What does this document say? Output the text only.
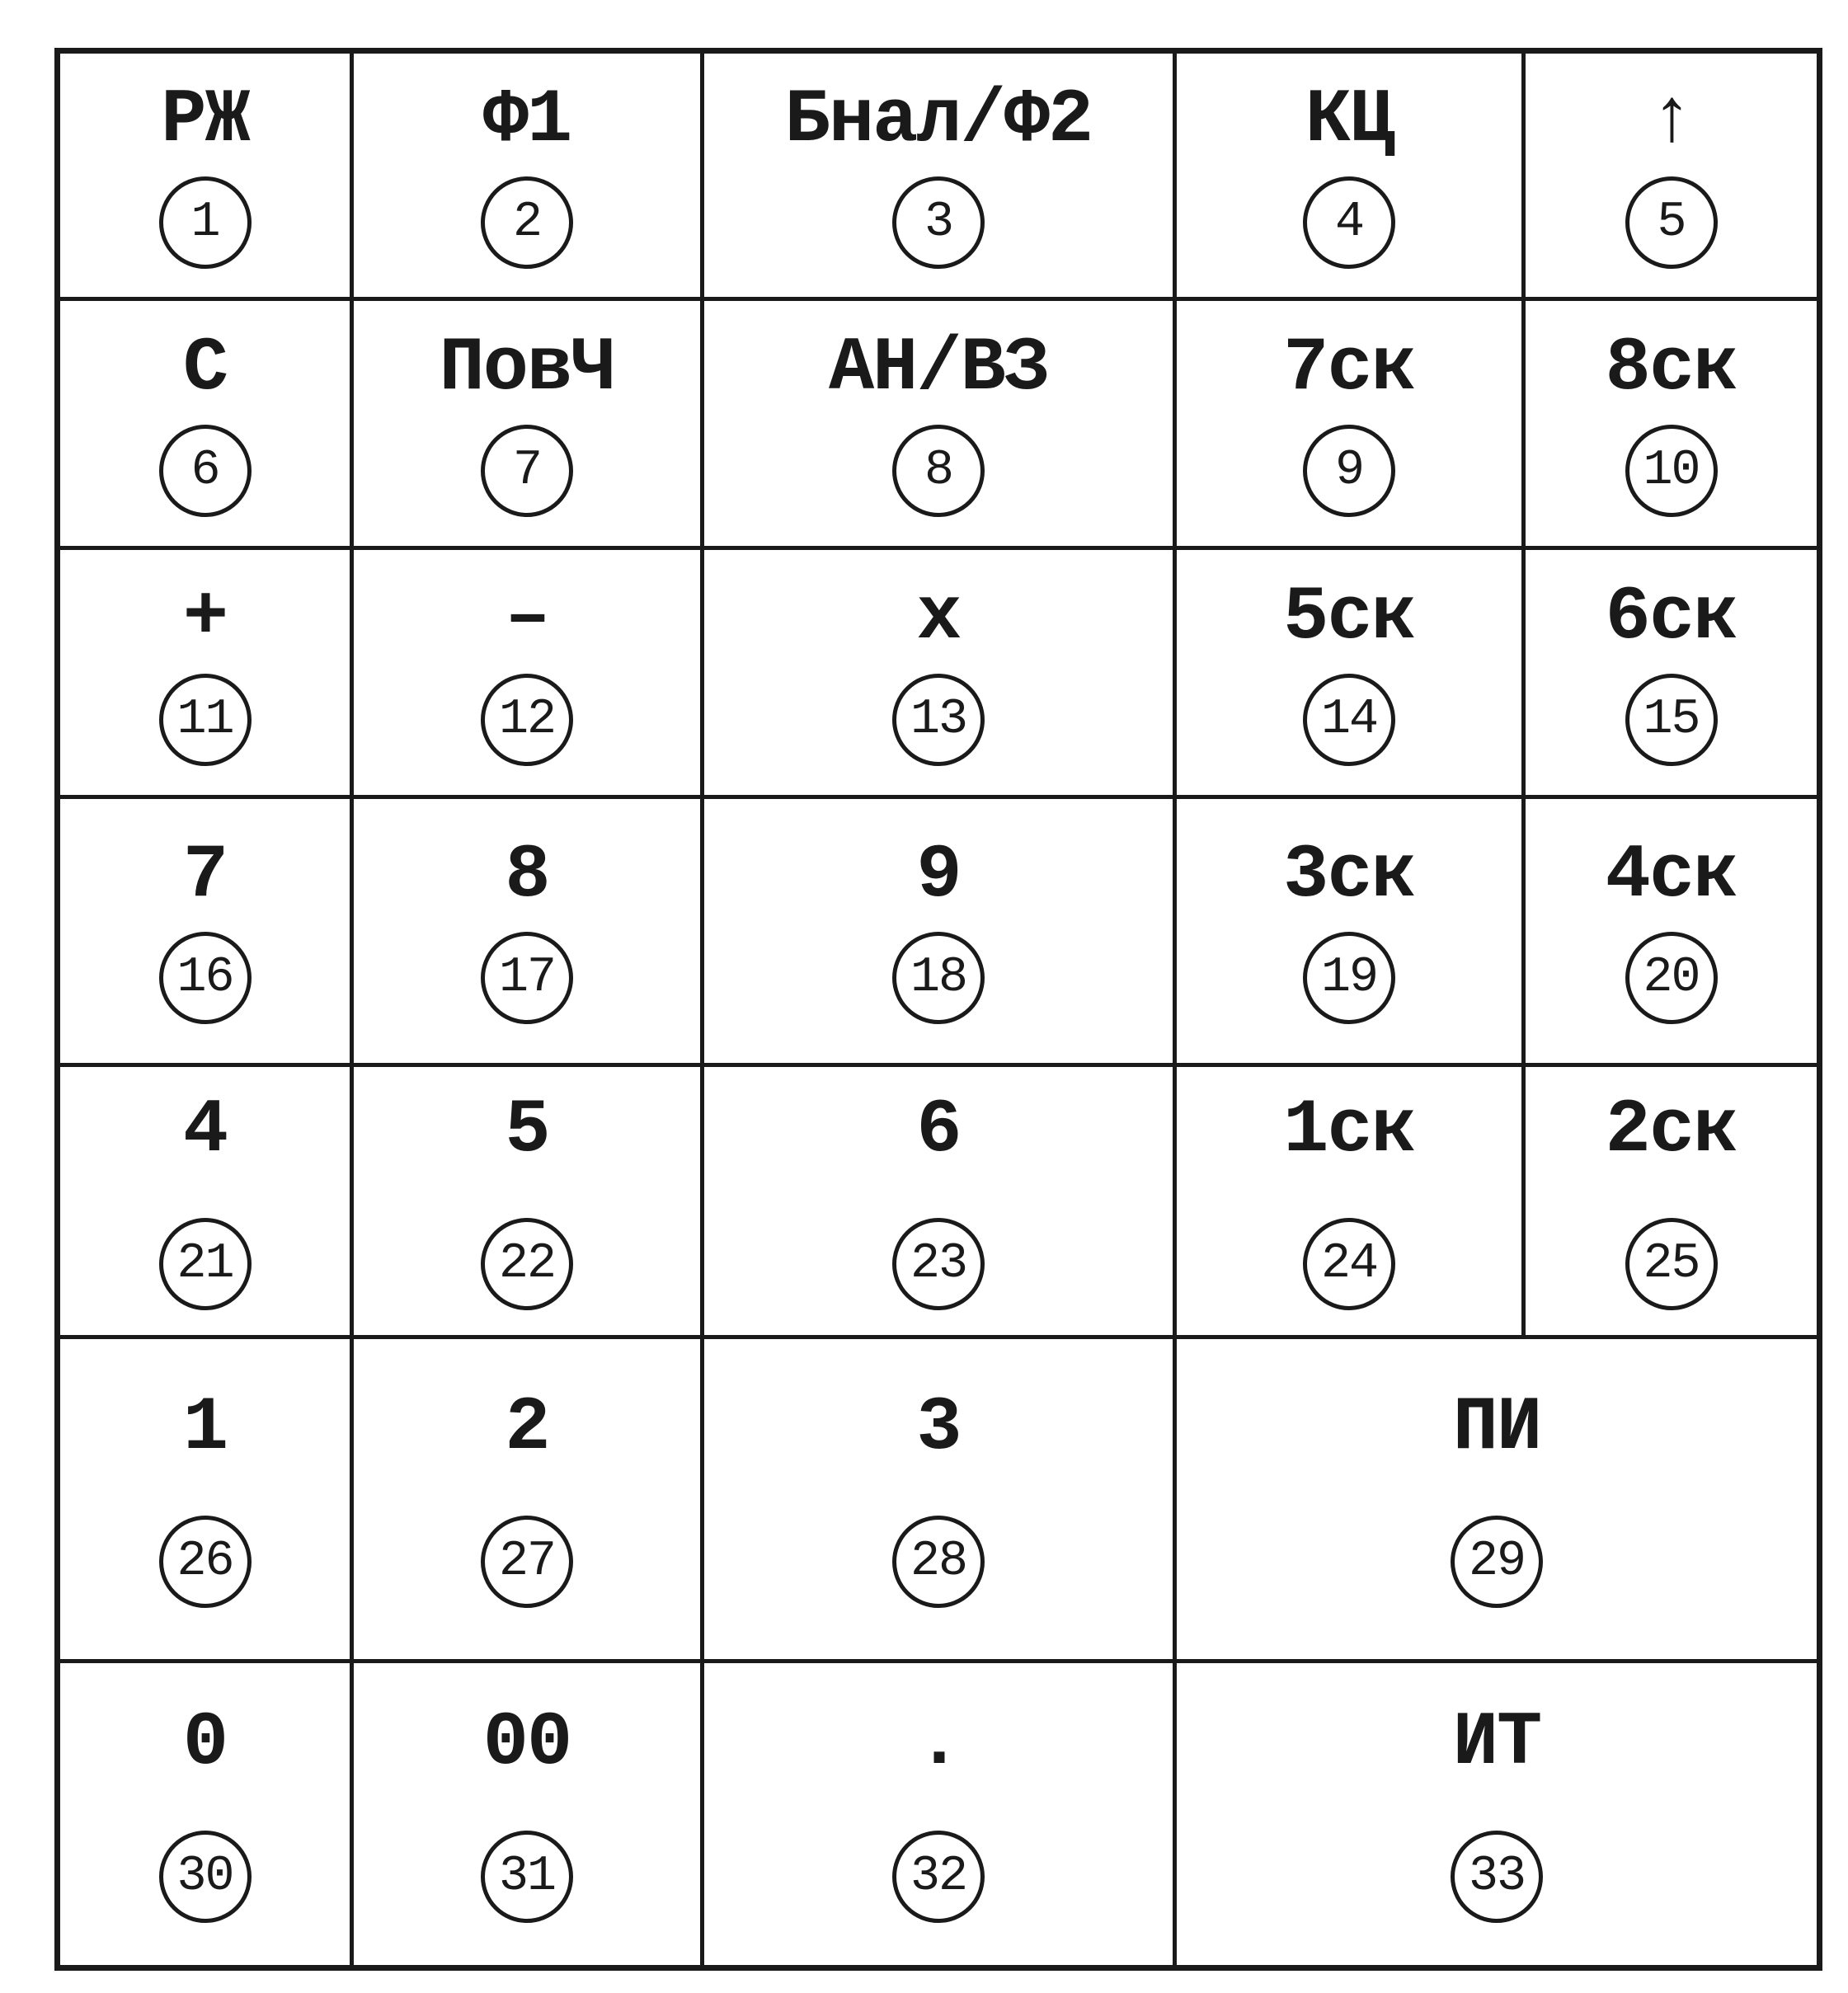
РЖ
1
Ф1
2
Бнал/Ф2
3
КЦ
4
↑
5
С
6
ПовЧ
7
АН/ВЗ
8
7ск
9
8ск
10
+
11
–
12
х
13
5ск
14
6ск
15
7
16
8
17
9
18
3ск
19
4ск
20
4
21
5
22
6
23
1ск
24
2ск
25
1
26
2
27
3
28
ПИ
29
0
30
00
31
.
32
ИТ
33
